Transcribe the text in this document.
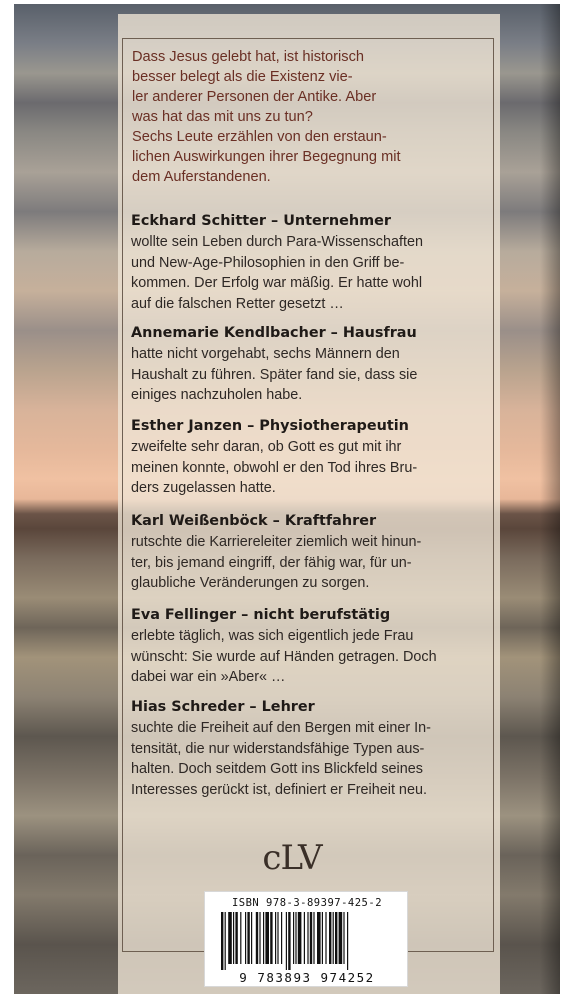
Dass Jesus gelebt hat, ist historisch
besser belegt als die Existenz vie-
ler anderer Personen der Antike. Aber
was hat das mit uns zu tun?
Sechs Leute erzählen von den erstaun-
lichen Auswirkungen ihrer Begegnung mit
dem Auferstandenen.
Eckhard Schitter – Unternehmer
wollte sein Leben durch Para-Wissenschaften
und New-Age-Philosophien in den Griff be-
kommen. Der Erfolg war mäßig. Er hatte wohl
auf die falschen Retter gesetzt …
Annemarie Kendlbacher – Hausfrau
hatte nicht vorgehabt, sechs Männern den
Haushalt zu führen. Später fand sie, dass sie
einiges nachzuholen habe.
Esther Janzen – Physiotherapeutin
zweifelte sehr daran, ob Gott es gut mit ihr
meinen konnte, obwohl er den Tod ihres Bru-
ders zugelassen hatte.
Karl Weißenböck – Kraftfahrer
rutschte die Karriereleiter ziemlich weit hinun-
ter, bis jemand eingriff, der fähig war, für un-
glaubliche Veränderungen zu sorgen.
Eva Fellinger – nicht berufstätig
erlebte täglich, was sich eigentlich jede Frau
wünscht: Sie wurde auf Händen getragen. Doch
dabei war ein »Aber« …
Hias Schreder – Lehrer
suchte die Freiheit auf den Bergen mit einer In-
tensität, die nur widerstandsfähige Typen aus-
halten. Doch seitdem Gott ins Blickfeld seines
Interesses gerückt ist, definiert er Freiheit neu.
cLV
ISBN 978-3-89397-425-2
9 783893 974252
